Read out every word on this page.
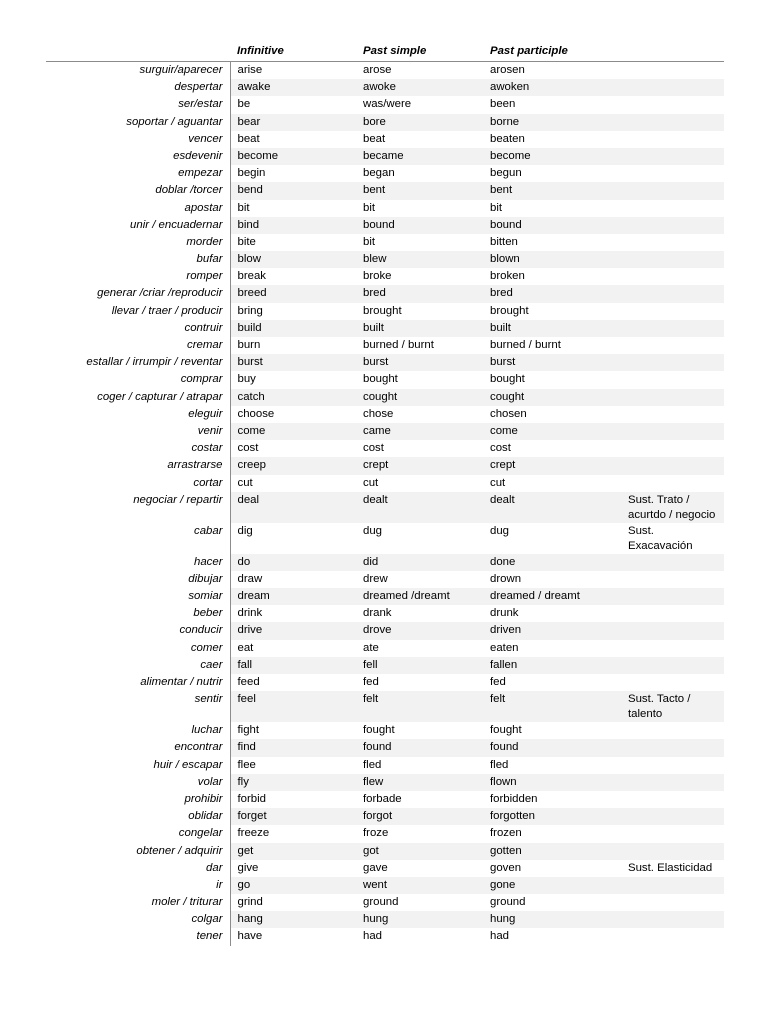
	Infinitive	Past simple	Past participle	
surguir/aparecer	arise	arose	arosen	
despertar	awake	awoke	awoken	
ser/estar	be	was/were	been	
soportar / aguantar	bear	bore	borne	
vencer	beat	beat	beaten	
esdevenir	become	became	become	
empezar	begin	began	begun	
doblar /torcer	bend	bent	bent	
apostar	bit	bit	bit	
unir / encuadernar	bind	bound	bound	
morder	bite	bit	bitten	
bufar	blow	blew	blown	
romper	break	broke	broken	
generar /criar /reproducir	breed	bred	bred	
llevar / traer / producir	bring	brought	brought	
contruir	build	built	built	
cremar	burn	burned / burnt	burned / burnt	
estallar / irrumpir / reventar	burst	burst	burst	
comprar	buy	bought	bought	
coger / capturar / atrapar	catch	cought	cought	
eleguir	choose	chose	chosen	
venir	come	came	come	
costar	cost	cost	cost	
arrastrarse	creep	crept	crept	
cortar	cut	cut	cut	
negociar / repartir	deal	dealt	dealt	Sust. Trato / acurtdo / negocio
cabar	dig	dug	dug	Sust. Exacavación
hacer	do	did	done	
dibujar	draw	drew	drown	
somiar	dream	dreamed /dreamt	dreamed / dreamt	
beber	drink	drank	drunk	
conducir	drive	drove	driven	
comer	eat	ate	eaten	
caer	fall	fell	fallen	
alimentar / nutrir	feed	fed	fed	
sentir	feel	felt	felt	Sust. Tacto / talento
luchar	fight	fought	fought	
encontrar	find	found	found	
huir / escapar	flee	fled	fled	
volar	fly	flew	flown	
prohibir	forbid	forbade	forbidden	
oblidar	forget	forgot	forgotten	
congelar	freeze	froze	frozen	
obtener / adquirir	get	got	gotten	
dar	give	gave	goven	Sust. Elasticidad
ir	go	went	gone	
moler / triturar	grind	ground	ground	
colgar	hang	hung	hung	
tener	have	had	had	
